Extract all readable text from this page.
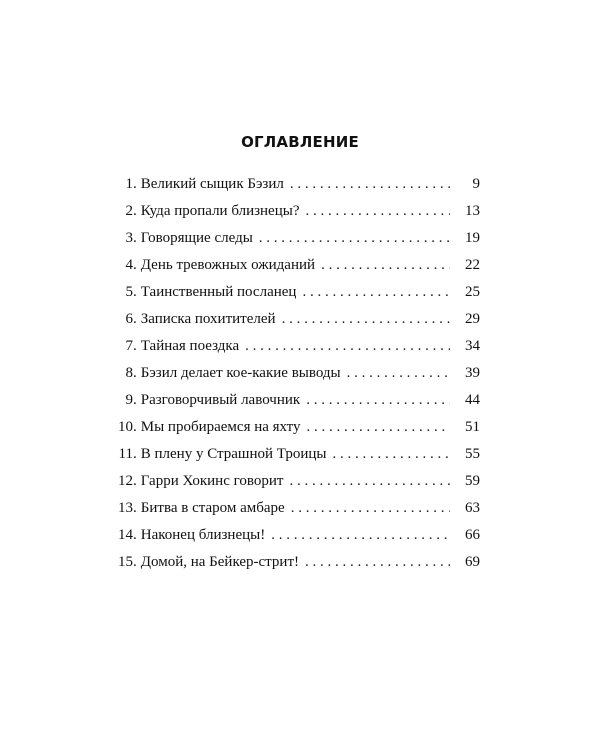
ОГЛАВЛЕНИЕ
1 . Великий сыщик Бэзил . . .	9
2 . Куда пропали близнецы? . . .	13
3 . Говорящие следы . . .	19
4 . День тревожных ожиданий . . .	22
5 . Таинственный посланец . . .	25
6 . Записка похитителей . . .	29
7 . Тайная поездка . . .	34
8 . Бэзил делает кое-какие выводы . . .	39
9 . Разговорчивый лавочник . . .	44
10 . Мы пробираемся на яхту . . .	51
11 . В плену у Страшной Троицы . . .	55
12 . Гарри Хокинс говорит . . .	59
13 . Битва в старом амбаре . . .	63
14 . Наконец близнецы! . . .	66
15 . Домой, на Бейкер-стрит! . . .	69
